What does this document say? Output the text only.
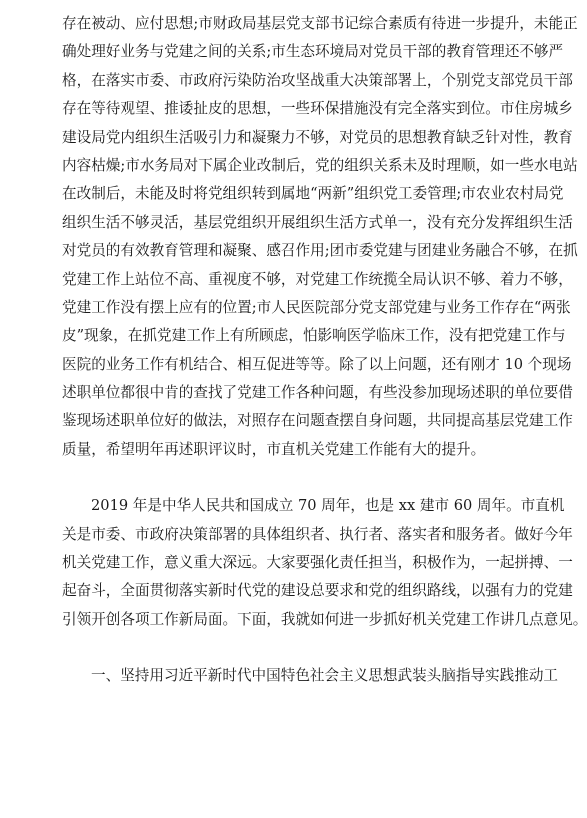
存在被动、应付思想;市财政局基层党支部书记综合素质有待进一步提升，未能正
确处理好业务与党建之间的关系;市生态环境局对党员干部的教育管理还不够严
格，在落实市委、市政府污染防治攻坚战重大决策部署上，个别党支部党员干部
存在等待观望、推诿扯皮的思想，一些环保措施没有完全落实到位。市住房城乡
建设局党内组织生活吸引力和凝聚力不够，对党员的思想教育缺乏针对性，教育
内容枯燥;市水务局对下属企业改制后，党的组织关系未及时理顺，如一些水电站
在改制后，未能及时将党组织转到属地“两新”组织党工委管理;市农业农村局党
组织生活不够灵活，基层党组织开展组织生活方式单一，没有充分发挥组织生活
对党员的有效教育管理和凝聚、感召作用;团市委党建与团建业务融合不够，在抓
党建工作上站位不高、重视度不够，对党建工作统揽全局认识不够、着力不够，
党建工作没有摆上应有的位置;市人民医院部分党支部党建与业务工作存在“两张
皮”现象，在抓党建工作上有所顾虑，怕影响医学临床工作，没有把党建工作与
医院的业务工作有机结合、相互促进等等。除了以上问题，还有刚才 10 个现场
述职单位都很中肯的查找了党建工作各种问题，有些没参加现场述职的单位要借
鉴现场述职单位好的做法，对照存在问题查摆自身问题，共同提高基层党建工作
质量，希望明年再述职评议时，市直机关党建工作能有大的提升。
2019 年是中华人民共和国成立 70 周年，也是 xx 建市 60 周年。市直机
关是市委、市政府决策部署的具体组织者、执行者、落实者和服务者。做好今年
机关党建工作，意义重大深远。大家要强化责任担当，积极作为，一起拼搏、一
起奋斗，全面贯彻落实新时代党的建设总要求和党的组织路线，以强有力的党建
引领开创各项工作新局面。下面，我就如何进一步抓好机关党建工作讲几点意见。
一、坚持用习近平新时代中国特色社会主义思想武装头脑指导实践推动工
